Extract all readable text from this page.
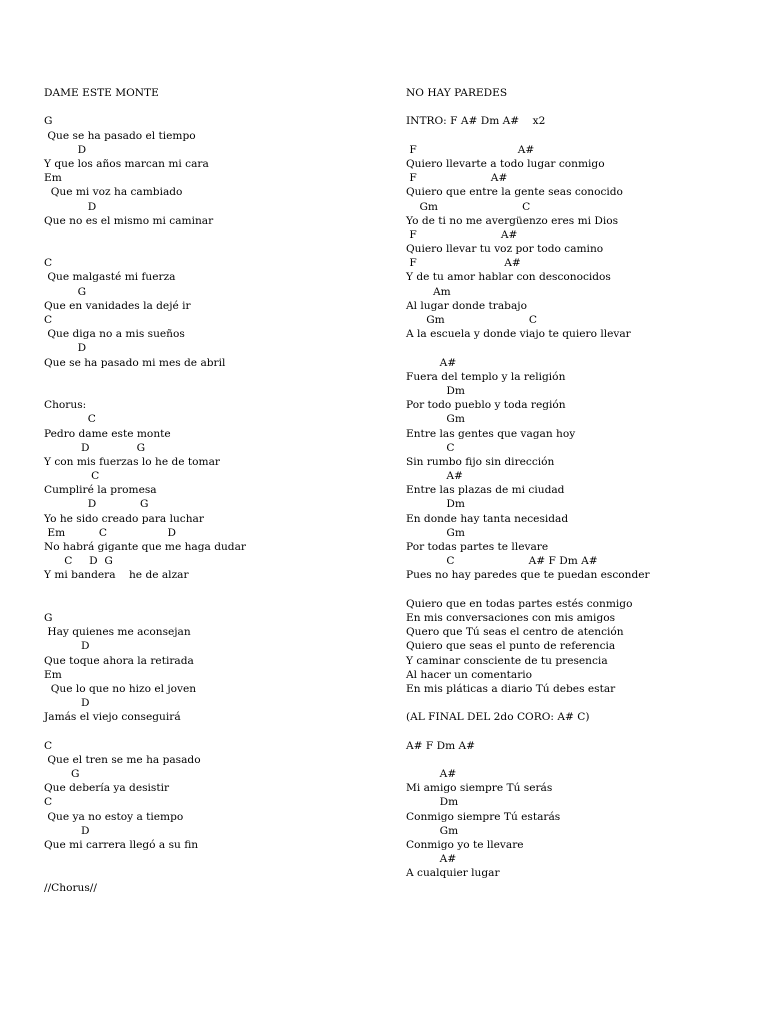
DAME ESTE MONTE
G
Que se ha pasado el tiempo
D
Y que los años marcan mi cara
Em
Que mi voz ha cambiado
D
Que no es el mismo mi caminar
C
Que malgasté mi fuerza
G
Que en vanidades la dejé ir
C
Que diga no a mis sueños
D
Que se ha pasado mi mes de abril
Chorus:
C
Pedro dame este monte
D              G
Y con mis fuerzas lo he de tomar
C
Cumpliré la promesa
D             G
Yo he sido creado para luchar
Em          C                  D
No habrá gigante que me haga dudar
C     D  G
Y mi bandera    he de alzar
G
Hay quienes me aconsejan
D
Que toque ahora la retirada
Em
Que lo que no hizo el joven
D
Jamás el viejo conseguirá
C
Que el tren se me ha pasado
G
Que debería ya desistir
C
Que ya no estoy a tiempo
D
Que mi carrera llegó a su fin
//Chorus//
NO HAY PAREDES
INTRO: F A# Dm A#    x2
F                              A#
Quiero llevarte a todo lugar conmigo
F                      A#
Quiero que entre la gente seas conocido
Gm                         C
Yo de ti no me avergüenzo eres mi Dios
F                         A#
Quiero llevar tu voz por todo camino
F                          A#
Y de tu amor hablar con desconocidos
Am
Al lugar donde trabajo
Gm                         C
A la escuela y donde viajo te quiero llevar
A#
Fuera del templo y la religión
Dm
Por todo pueblo y toda región
Gm
Entre las gentes que vagan hoy
C
Sin rumbo fijo sin dirección
A#
Entre las plazas de mi ciudad
Dm
En donde hay tanta necesidad
Gm
Por todas partes te llevare
C                      A# F Dm A#
Pues no hay paredes que te puedan esconder
Quiero que en todas partes estés conmigo
En mis conversaciones con mis amigos
Quero que Tú seas el centro de atención
Quiero que seas el punto de referencia
Y caminar consciente de tu presencia
Al hacer un comentario
En mis pláticas a diario Tú debes estar
(AL FINAL DEL 2do CORO: A# C)
A# F Dm A#
A#
Mi amigo siempre Tú serás
Dm
Conmigo siempre Tú estarás
Gm
Conmigo yo te llevare
A#
A cualquier lugar
